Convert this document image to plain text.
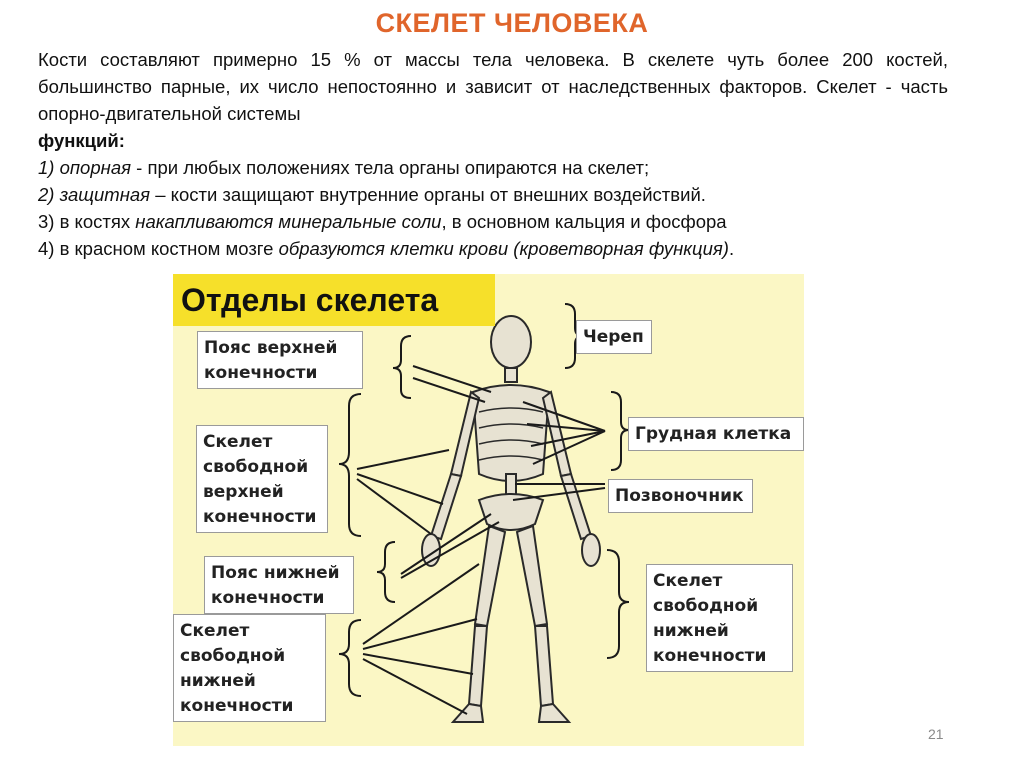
СКЕЛЕТ ЧЕЛОВЕКА

Кости составляют примерно 15 % от массы тела человека. В скелете чуть более 200 костей, большинство парные, их число непостоянно и зависит от наследственных факторов. Скелет - часть опорно-двигательной системы

функций:

1) опорная - при любых положениях тела органы опираются на скелет;

2) защитная – кости защищают внутренние органы от внешних воздействий.

3) в костях накапливаются минеральные соли, в основном кальция и фосфора

4) в красном костном мозге образуются клетки крови (кроветворная функция).

Отделы скелета
Череп
Пояс верхней конечности
Скелет свободной верхней конечности
Грудная клетка
Позвоночник
Пояс нижней конечности
Скелет свободной нижней конечности
Скелет свободной нижней конечности
21
